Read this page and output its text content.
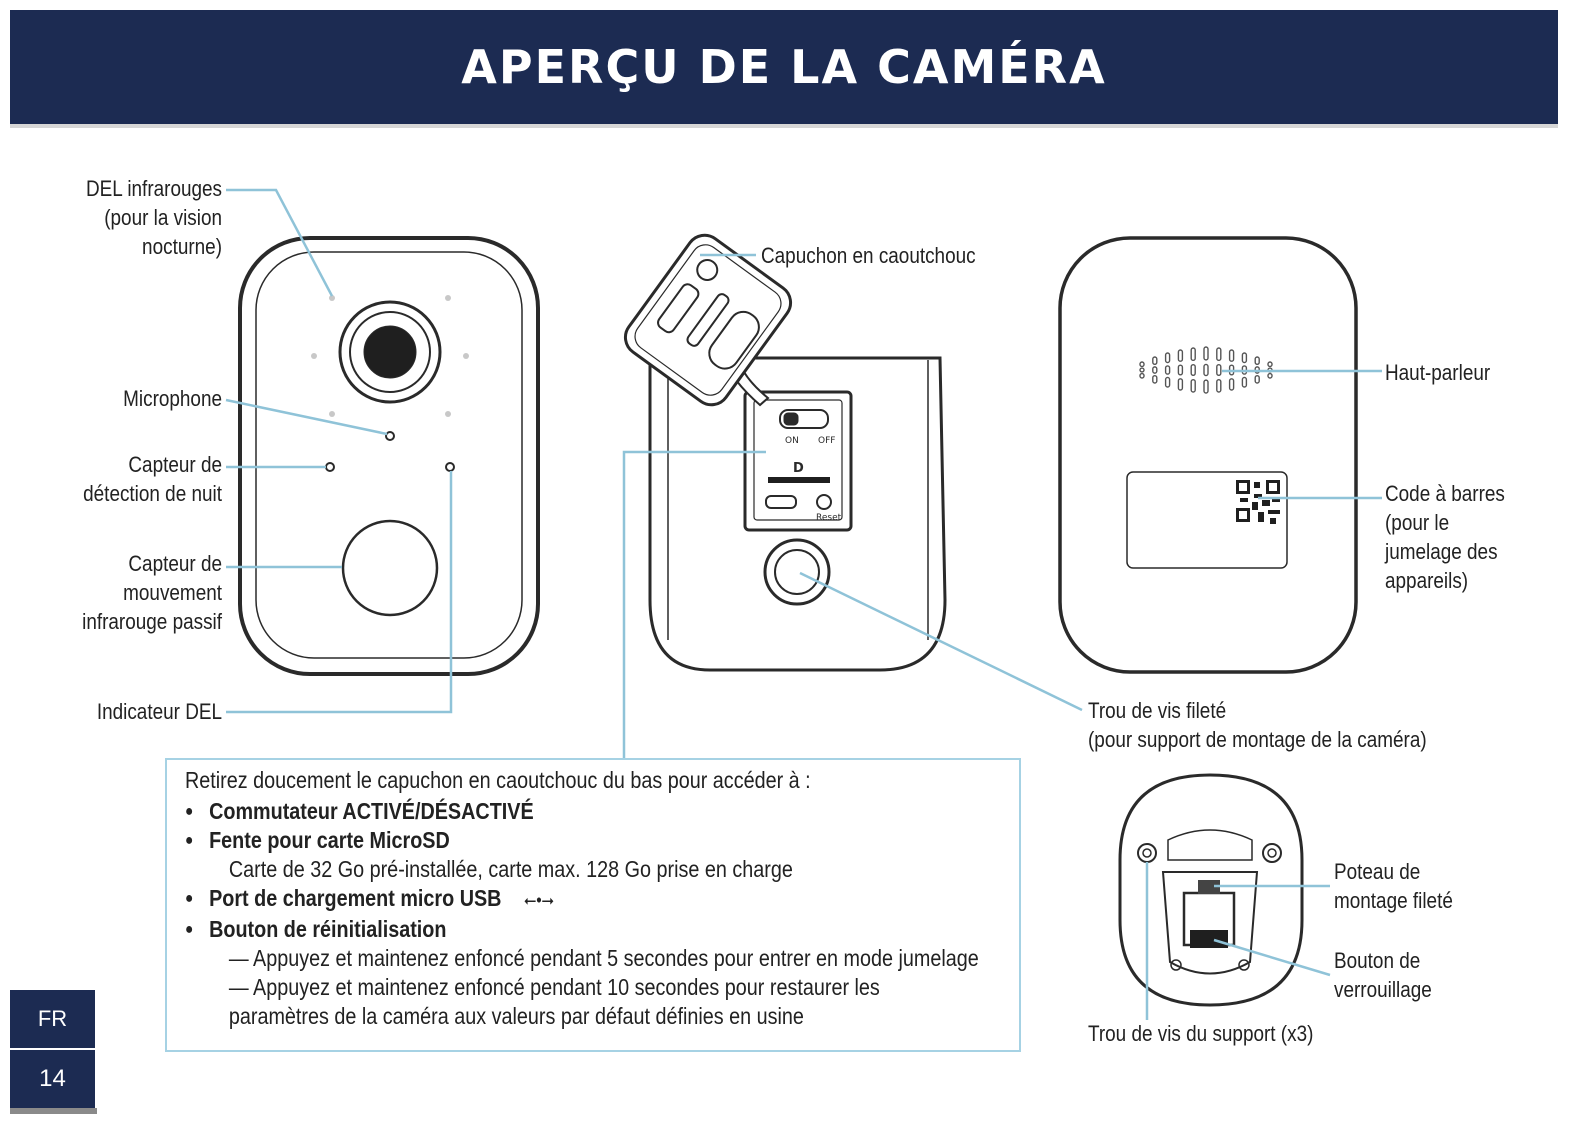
APERÇU DE LA CAMÉRA
ON OFF
Reset
D
DEL infrarouges
(pour la vision
nocturne)
Microphone
Capteur de
détection de nuit
Capteur de
mouvement
infrarouge passif
Indicateur DEL
Capuchon en caoutchouc
Haut-parleur
Code à barres
(pour le
jumelage des
appareils)
Trou de vis fileté
(pour support de montage de la caméra)
Poteau de
montage fileté
Bouton de
verrouillage
Trou de vis du support (x3)
Retirez doucement le capuchon en caoutchouc du bas pour accéder à :
● Commutateur ACTIVÉ/DÉSACTIVÉ
● Fente pour carte MicroSD
Carte de 32 Go pré-installée, carte max. 128 Go prise en charge
● Port de chargement micro USB ⭠•⭢
● Bouton de réinitialisation
— Appuyez et maintenez enfoncé pendant 5 secondes pour entrer en mode jumelage
— Appuyez et maintenez enfoncé pendant 10 secondes pour restaurer les
paramètres de la caméra aux valeurs par défaut définies en usine
FR
14
